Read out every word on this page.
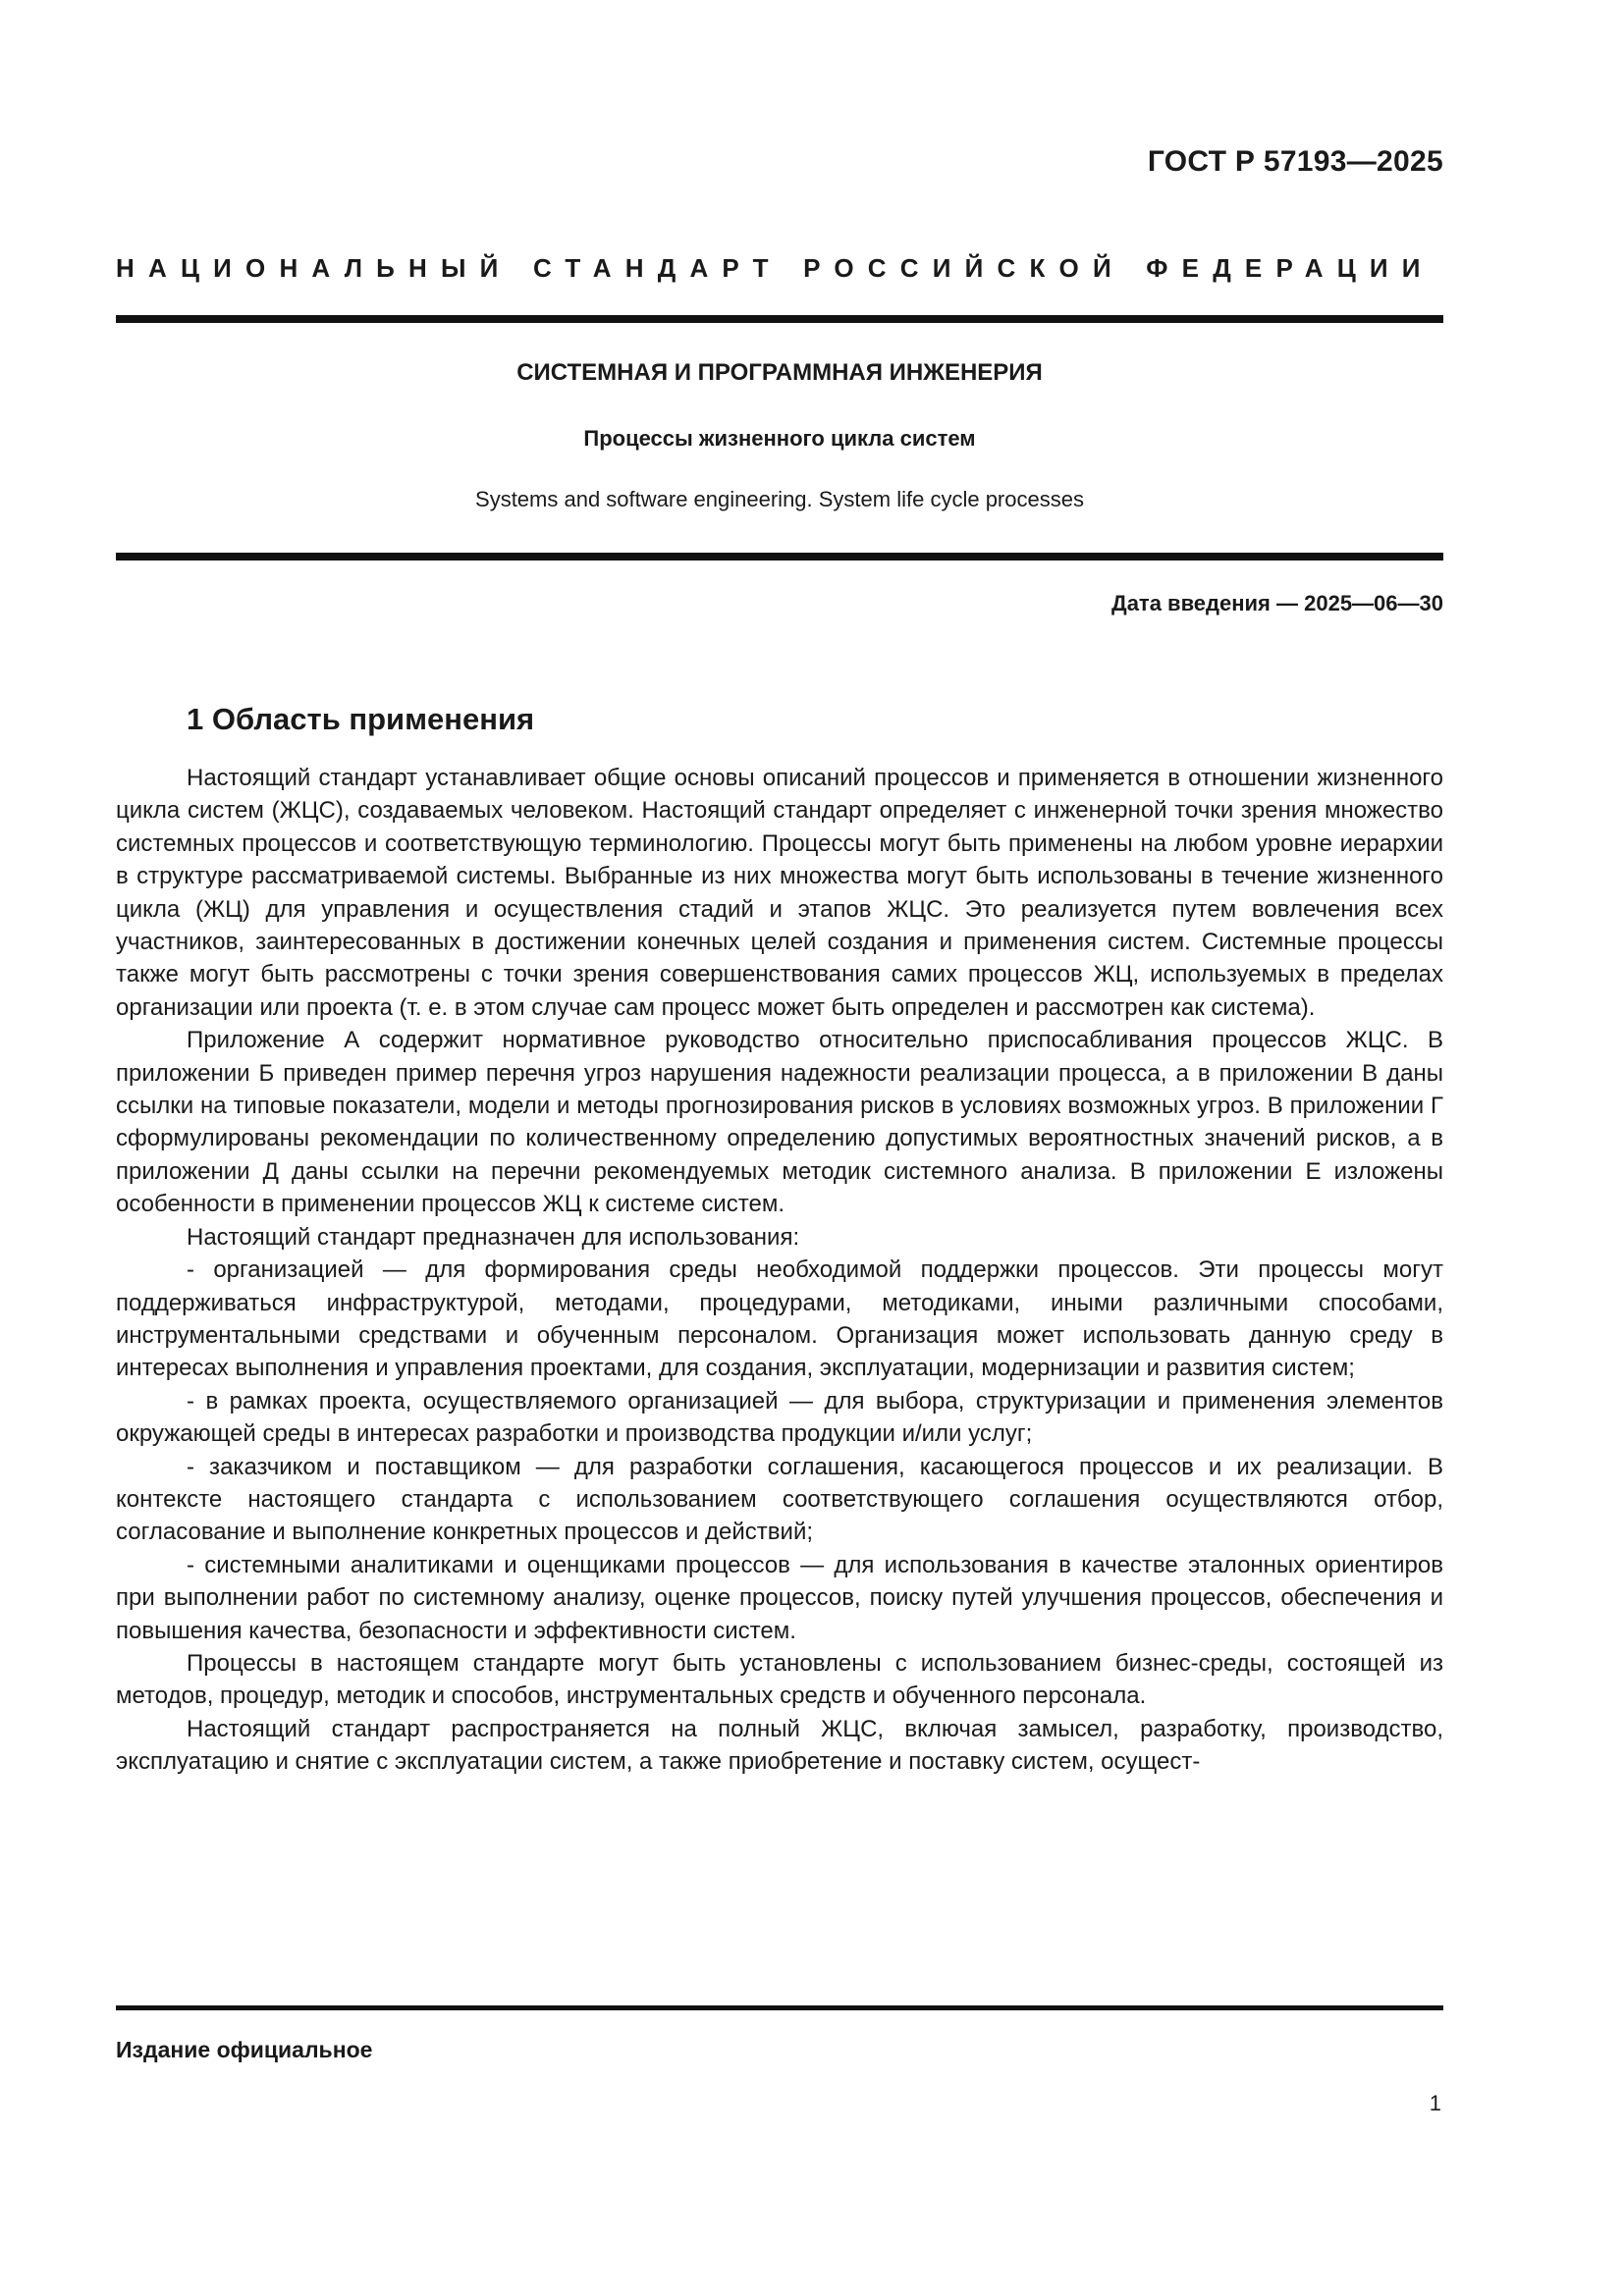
ГОСТ Р 57193—2025
НАЦИОНАЛЬНЫЙ СТАНДАРТ РОССИЙСКОЙ ФЕДЕРАЦИИ
СИСТЕМНАЯ И ПРОГРАММНАЯ ИНЖЕНЕРИЯ
Процессы жизненного цикла систем
Systems and software engineering. System life cycle processes
Дата введения — 2025—06—30
1 Область применения

Настоящий стандарт устанавливает общие основы описаний процессов и применяется в отношении жизненного цикла систем (ЖЦС), создаваемых человеком. Настоящий стандарт определяет с инженерной точки зрения множество системных процессов и соответствующую терминологию. Процессы могут быть применены на любом уровне иерархии в структуре рассматриваемой системы. Выбранные из них множества могут быть использованы в течение жизненного цикла (ЖЦ) для управления и осуществления стадий и этапов ЖЦС. Это реализуется путем вовлечения всех участников, заинтересованных в достижении конечных целей создания и применения систем. Системные процессы также могут быть рассмотрены с точки зрения совершенствования самих процессов ЖЦ, используемых в пределах организации или проекта (т. е. в этом случае сам процесс может быть определен и рассмотрен как система).

Приложение А содержит нормативное руководство относительно приспосабливания процессов ЖЦС. В приложении Б приведен пример перечня угроз нарушения надежности реализации процесса, а в приложении В даны ссылки на типовые показатели, модели и методы прогнозирования рисков в условиях возможных угроз. В приложении Г сформулированы рекомендации по количественному определению допустимых вероятностных значений рисков, а в приложении Д даны ссылки на перечни рекомендуемых методик системного анализа. В приложении Е изложены особенности в применении процессов ЖЦ к системе систем.

Настоящий стандарт предназначен для использования:

- организацией — для формирования среды необходимой поддержки процессов. Эти процессы могут поддерживаться инфраструктурой, методами, процедурами, методиками, иными различными способами, инструментальными средствами и обученным персоналом. Организация может использовать данную среду в интересах выполнения и управления проектами, для создания, эксплуатации, модернизации и развития систем;

- в рамках проекта, осуществляемого организацией — для выбора, структуризации и применения элементов окружающей среды в интересах разработки и производства продукции и/или услуг;

- заказчиком и поставщиком — для разработки соглашения, касающегося процессов и их реализации. В контексте настоящего стандарта с использованием соответствующего соглашения осуществляются отбор, согласование и выполнение конкретных процессов и действий;

- системными аналитиками и оценщиками процессов — для использования в качестве эталонных ориентиров при выполнении работ по системному анализу, оценке процессов, поиску путей улучшения процессов, обеспечения и повышения качества, безопасности и эффективности систем.

Процессы в настоящем стандарте могут быть установлены с использованием бизнес-среды, состоящей из методов, процедур, методик и способов, инструментальных средств и обученного персонала.

Настоящий стандарт распространяется на полный ЖЦС, включая замысел, разработку, производство, эксплуатацию и снятие с эксплуатации систем, а также приобретение и поставку систем, осущест-

Издание официальное
1
